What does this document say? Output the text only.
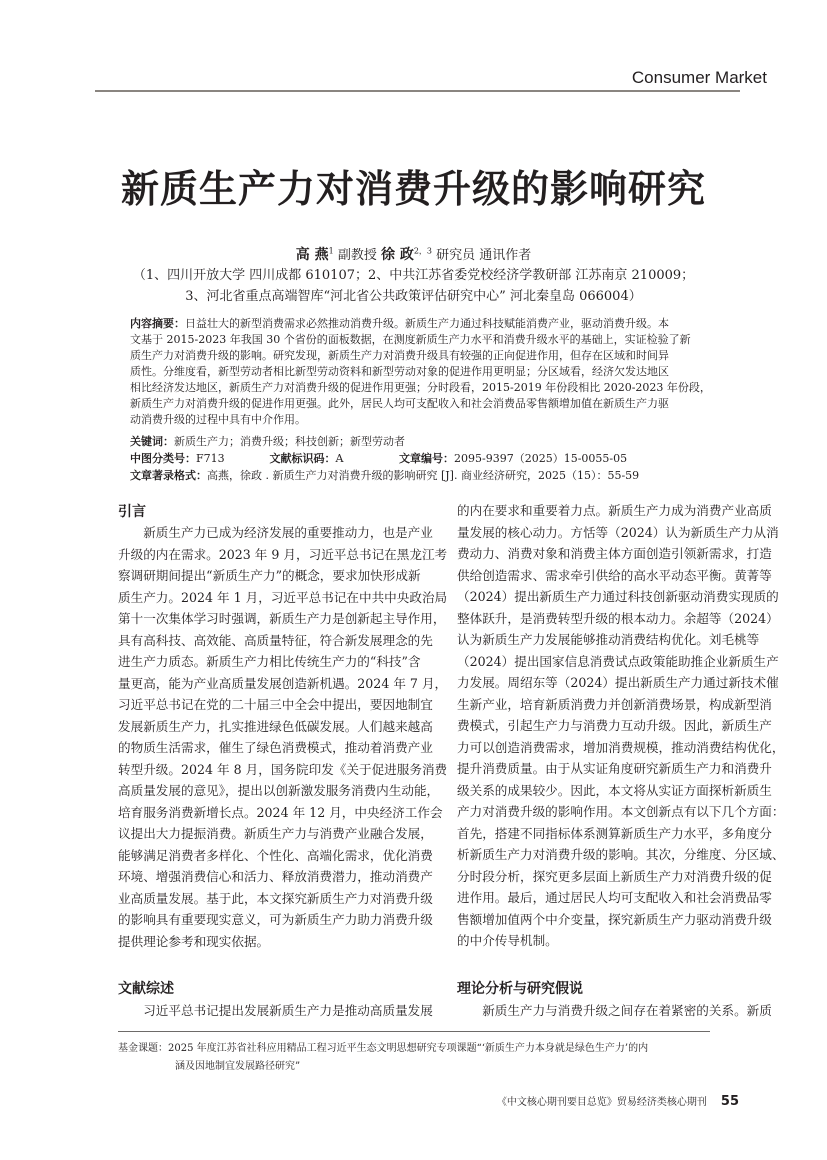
Consumer Market
新质生产力对消费升级的影响研究
高 燕$^1$ 副教授 徐 政$^{2,3}$ 研究员 通讯作者
（1、四川开放大学 四川成都 610107；2、中共江苏省委党校经济学教研部 江苏南京 210009；
3、河北省重点高端智库“河北省公共政策评估研究中心” 河北秦皇岛 066004）
内容摘要：日益壮大的新型消费需求必然推动消费升级。新质生产力通过科技赋能消费产业，驱动消费升级。本
文基于 2015-2023 年我国 30 个省份的面板数据，在测度新质生产力水平和消费升级水平的基础上，实证检验了新
质生产力对消费升级的影响。研究发现，新质生产力对消费升级具有较强的正向促进作用，但存在区域和时间异
质性。分维度看，新型劳动者相比新型劳动资料和新型劳动对象的促进作用更明显；分区域看，经济欠发达地区
相比经济发达地区，新质生产力对消费升级的促进作用更强；分时段看，2015-2019 年份段相比 2020-2023 年份段，
新质生产力对消费升级的促进作用更强。此外，居民人均可支配收入和社会消费品零售额增加值在新质生产力驱
动消费升级的过程中具有中介作用。
关键词：新质生产力；消费升级；科技创新；新型劳动者
中图分类号：F713	文献标识码：A	文章编号：2095-9397（2025）15-0055-05
文章著录格式：高燕，徐政 . 新质生产力对消费升级的影响研究 [J]. 商业经济研究，2025（15）：55-59
引言
　　新质生产力已成为经济发展的重要推动力，也是产业
升级的内在需求。2023 年 9 月，习近平总书记在黑龙江考
察调研期间提出“新质生产力”的概念，要求加快形成新
质生产力。2024 年 1 月，习近平总书记在中共中央政治局
第十一次集体学习时强调，新质生产力是创新起主导作用，
具有高科技、高效能、高质量特征，符合新发展理念的先
进生产力质态。新质生产力相比传统生产力的“科技”含
量更高，能为产业高质量发展创造新机遇。2024 年 7 月，
习近平总书记在党的二十届三中全会中提出，要因地制宜
发展新质生产力，扎实推进绿色低碳发展。人们越来越高
的物质生活需求，催生了绿色消费模式，推动着消费产业
转型升级。2024 年 8 月，国务院印发《关于促进服务消费
高质量发展的意见》，提出以创新激发服务消费内生动能，
培育服务消费新增长点。2024 年 12 月，中央经济工作会
议提出大力提振消费。新质生产力与消费产业融合发展，
能够满足消费者多样化、个性化、高端化需求，优化消费
环境、增强消费信心和活力、释放消费潜力，推动消费产
业高质量发展。基于此，本文探究新质生产力对消费升级
的影响具有重要现实意义，可为新质生产力助力消费升级
提供理论参考和现实依据。
的内在要求和重要着力点。新质生产力成为消费产业高质
量发展的核心动力。方恬等（2024）认为新质生产力从消
费动力、消费对象和消费主体方面创造引领新需求，打造
供给创造需求、需求牵引供给的高水平动态平衡。黄菁等
（2024）提出新质生产力通过科技创新驱动消费实现质的
整体跃升，是消费转型升级的根本动力。余超等（2024）
认为新质生产力发展能够推动消费结构优化。刘毛桃等
（2024）提出国家信息消费试点政策能助推企业新质生产
力发展。周绍东等（2024）提出新质生产力通过新技术催
生新产业，培育新质消费力并创新消费场景，构成新型消
费模式，引起生产力与消费力互动升级。因此，新质生产
力可以创造消费需求，增加消费规模，推动消费结构优化，
提升消费质量。由于从实证角度研究新质生产力和消费升
级关系的成果较少。因此，本文将从实证方面探析新质生
产力对消费升级的影响作用。本文创新点有以下几个方面：
首先，搭建不同指标体系测算新质生产力水平，多角度分
析新质生产力对消费升级的影响。其次，分维度、分区域、
分时段分析，探究更多层面上新质生产力对消费升级的促
进作用。最后，通过居民人均可支配收入和社会消费品零
售额增加值两个中介变量，探究新质生产力驱动消费升级
的中介传导机制。
文献综述
　　习近平总书记提出发展新质生产力是推动高质量发展
理论分析与研究假说
　　新质生产力与消费升级之间存在着紧密的关系。新质
基金课题：2025 年度江苏省社科应用精品工程习近平生态文明思想研究专项课题“‘新质生产力本身就是绿色生产力’的内
涵及因地制宜发展路径研究”
《中文核心期刊要目总览》贸易经济类核心期刊 55
